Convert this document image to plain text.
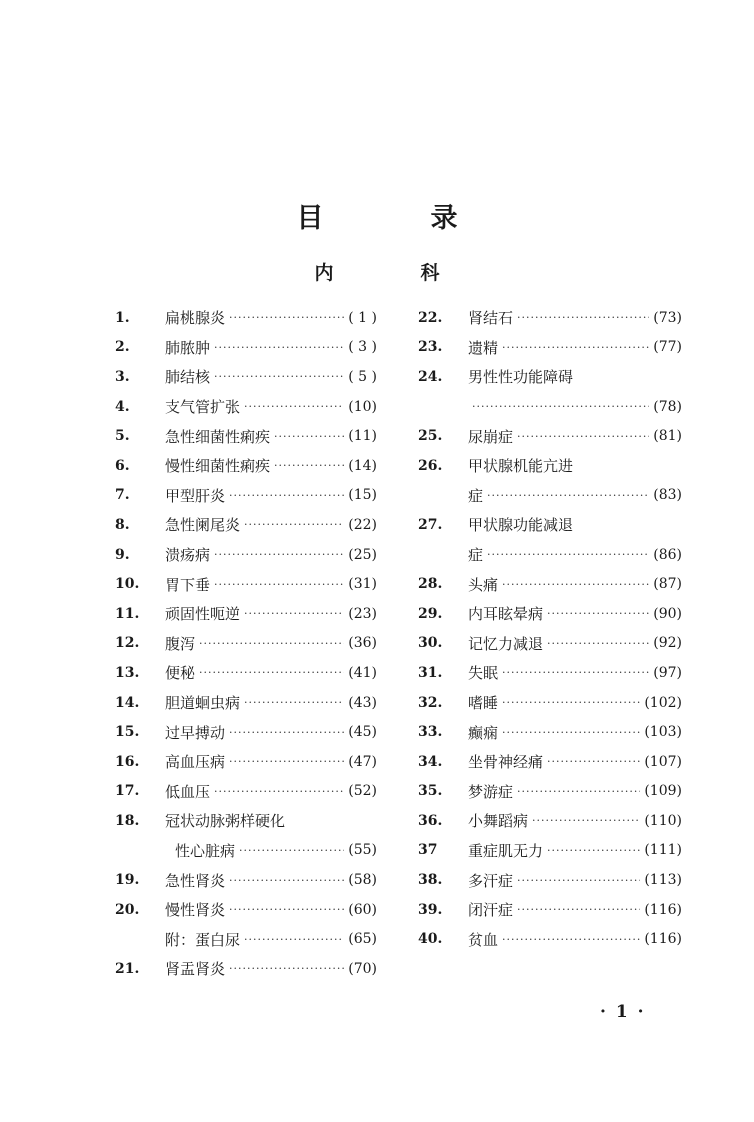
目　录
内　科
1.	扁桃腺炎 ·····	( 1 )
2.	肺脓肿 ·····	( 3 )
3.	肺结核 ·····	( 5 )
4.	支气管扩张 ·····	(10)
5.	急性细菌性痢疾 ·····	(11)
6.	慢性细菌性痢疾 ·····	(14)
7.	甲型肝炎 ·····	(15)
8.	急性阑尾炎 ·····	(22)
9.	溃疡病 ·····	(25)
10.	胃下垂 ·····	(31)
11.	顽固性呃逆 ·····	(23)
12.	腹泻 ·····	(36)
13.	便秘 ·····	(41)
14.	胆道蛔虫病 ·····	(43)
15.	过早搏动 ·····	(45)
16.	高血压病 ·····	(47)
17.	低血压 ·····	(52)
18.	冠状动脉粥样硬化
性心脏病 ·····	(55)
19.	急性肾炎 ·····	(58)
20.	慢性肾炎 ·····	(60)
附：蛋白尿 ·····	(65)
21.	肾盂肾炎 ·····	(70)
22.	肾结石 ·····	(73)
23.	遗精 ·····	(77)
24.	男性性功能障碍
·····
(78)
25.	尿崩症 ·····	(81)
26.	甲状腺机能亢进
症 ·····	(83)
27.	甲状腺功能减退
症 ·····	(86)
28.	头痛 ·····	(87)
29.	内耳眩晕病 ·····	(90)
30.	记忆力减退 ·····	(92)
31.	失眠 ·····	(97)
32.	嗜睡 ·····	(102)
33.	癫痫 ·····	(103)
34.	坐骨神经痛 ·····	(107)
35.	梦游症 ·····	(109)
36.	小舞蹈病 ·····	(110)
37	重症肌无力 ·····	(111)
38.	多汗症 ·····	(113)
39.	闭汗症 ·····	(116)
40.	贫血 ·····	(116)
· 1 ·
